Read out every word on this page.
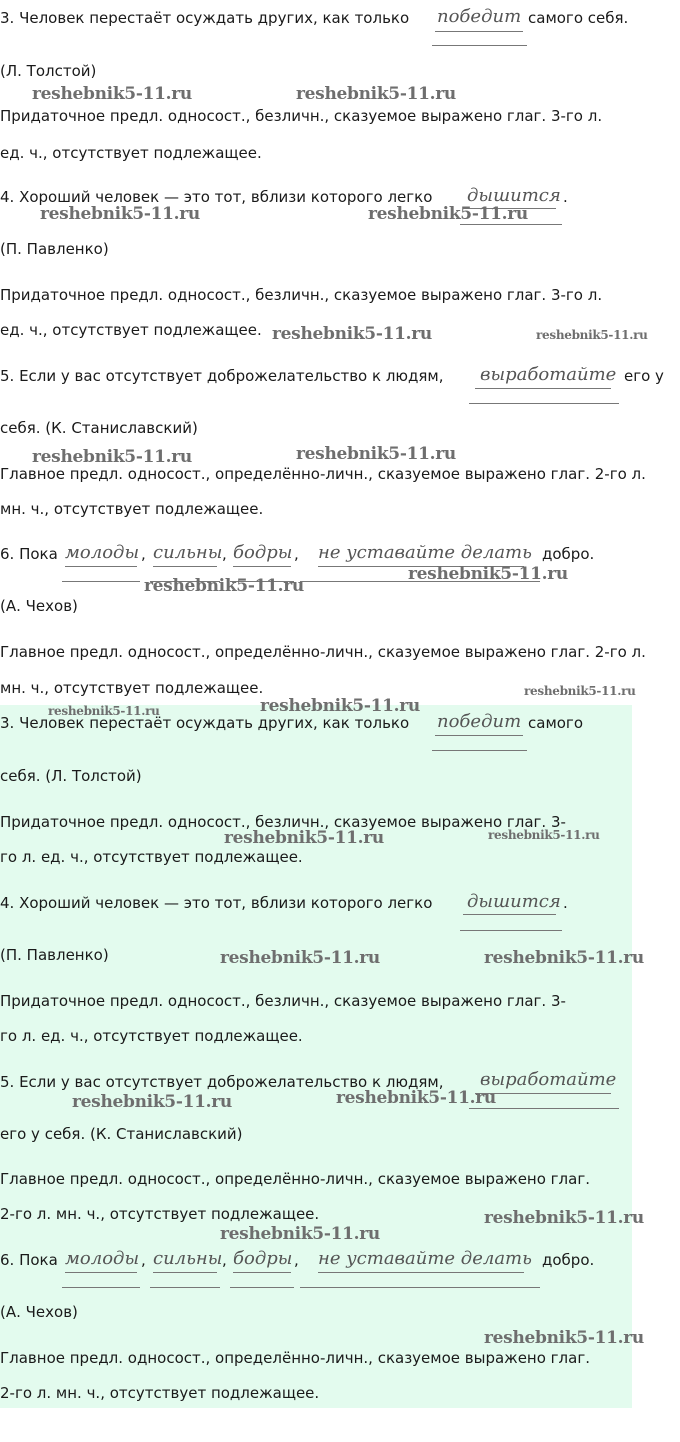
3. Человек перестаёт осуждать других, как только победит самого себя.
(Л. Толстой)
Придаточное предл. односост., безличн., сказуемое выражено глаг. 3-го л.
ед. ч., отсутствует подлежащее.
4. Хороший человек — это тот, вблизи которого легко дышится .
(П. Павленко)
Придаточное предл. односост., безличн., сказуемое выражено глаг. 3-го л.
ед. ч., отсутствует подлежащее.
5. Если у вас отсутствует доброжелательство к людям, выработайте его у
себя. (К. Станиславский)
Главное предл. односост., определённо-личн., сказуемое выражено глаг. 2-го л.
мн. ч., отсутствует подлежащее.
6. Пока молоды , сильны , бодры , не уставайте делать добро.
(А. Чехов)
Главное предл. односост., определённо-личн., сказуемое выражено глаг. 2-го л.
мн. ч., отсутствует подлежащее.
3. Человек перестаёт осуждать других, как только победит самого
себя. (Л. Толстой)
Придаточное предл. односост., безличн., сказуемое выражено глаг. 3-
го л. ед. ч., отсутствует подлежащее.
4. Хороший человек — это тот, вблизи которого легко дышится .
(П. Павленко)
Придаточное предл. односост., безличн., сказуемое выражено глаг. 3-
го л. ед. ч., отсутствует подлежащее.
5. Если у вас отсутствует доброжелательство к людям, выработайте
его у себя. (К. Станиславский)
Главное предл. односост., определённо-личн., сказуемое выражено глаг.
2-го л. мн. ч., отсутствует подлежащее.
6. Пока молоды , сильны , бодры , не уставайте делать добро.
(А. Чехов)
Главное предл. односост., определённо-личн., сказуемое выражено глаг.
2-го л. мн. ч., отсутствует подлежащее.
reshebnik5-11.ru	reshebnik5-11.ru
reshebnik5-11.ru	reshebnik5-11.ru
reshebnik5-11.ru	reshebnik5-11.ru
reshebnik5-11.ru	reshebnik5-11.ru
reshebnik5-11.ru
reshebnik5-11.ru
reshebnik5-11.ru
reshebnik5-11.ru
reshebnik5-11.ru
reshebnik5-11.ru	reshebnik5-11.ru
reshebnik5-11.ru	reshebnik5-11.ru
reshebnik5-11.ru	reshebnik5-11.ru
reshebnik5-11.ru
reshebnik5-11.ru
reshebnik5-11.ru
